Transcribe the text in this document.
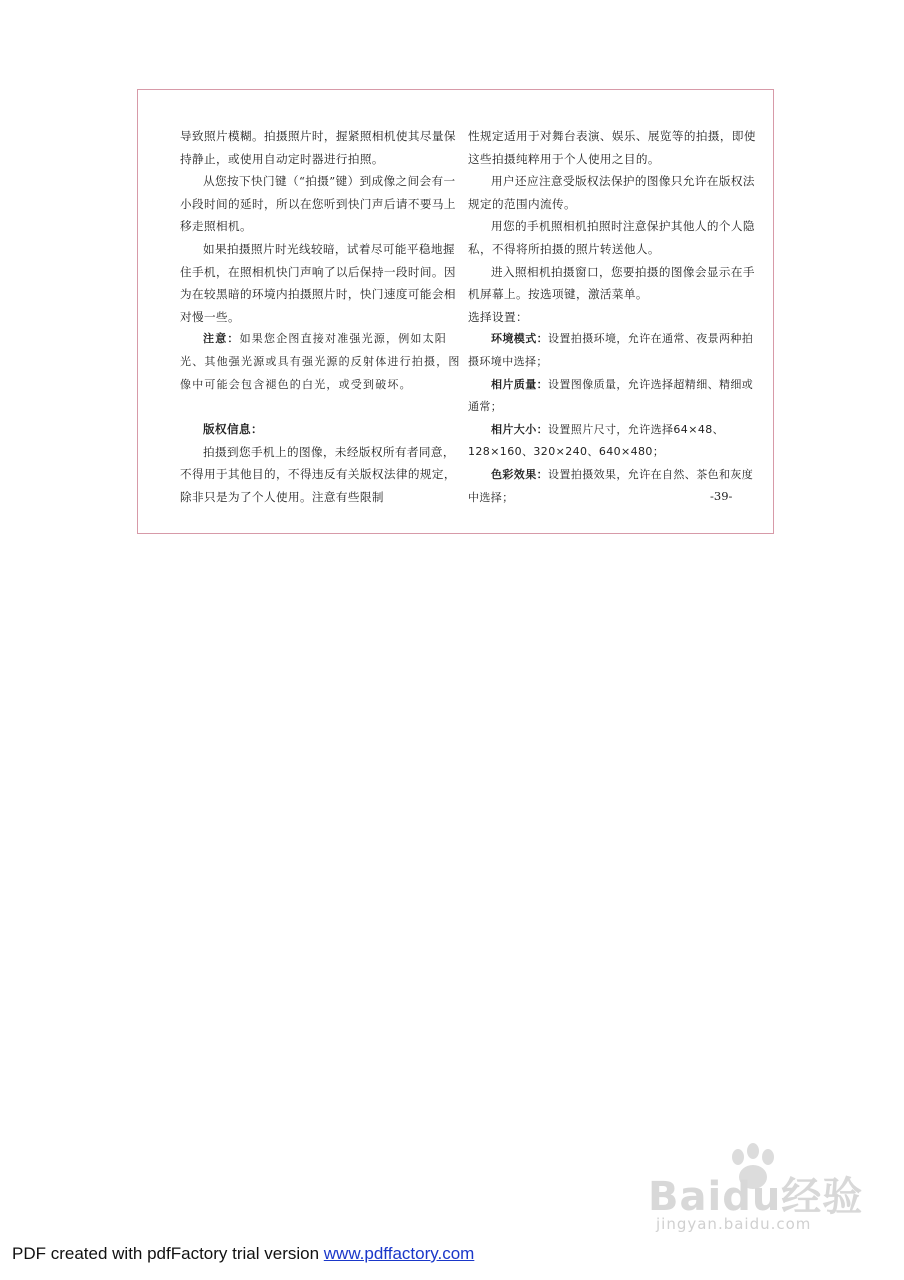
导致照片模糊。拍摄照片时，握紧照相机使其尽量保持静止，或使用自动定时器进行拍照。

从您按下快门键（“拍摄”键）到成像之间会有一小段时间的延时，所以在您听到快门声后请不要马上移走照相机。

如果拍摄照片时光线较暗，试着尽可能平稳地握住手机，在照相机快门声响了以后保持一段时间。因为在较黑暗的环境内拍摄照片时，快门速度可能会相对慢一些。

注意：如果您企图直接对准强光源，例如太阳光、其他强光源或具有强光源的反射体进行拍摄，图像中可能会包含褪色的白光，或受到破坏。

版权信息：

拍摄到您手机上的图像，未经版权所有者同意，不得用于其他目的，不得违反有关版权法律的规定，除非只是为了个人使用。注意有些限制

性规定适用于对舞台表演、娱乐、展览等的拍摄，即使这些拍摄纯粹用于个人使用之目的。

用户还应注意受版权法保护的图像只允许在版权法规定的范围内流传。

用您的手机照相机拍照时注意保护其他人的个人隐私，不得将所拍摄的照片转送他人。

进入照相机拍摄窗口，您要拍摄的图像会显示在手机屏幕上。按选项键，激活菜单。

选择设置：

环境模式：设置拍摄环境，允许在通常、夜景两种拍摄环境中选择；

相片质量：设置图像质量，允许选择超精细、精细或通常；

相片大小：设置照片尺寸，允许选择64×48、128×160、320×240、640×480；

色彩效果：设置拍摄效果，允许在自然、茶色和灰度中选择；	-39-
Baidu经验
jingyan.baidu.com
PDF created with pdfFactory trial version www.pdffactory.com
